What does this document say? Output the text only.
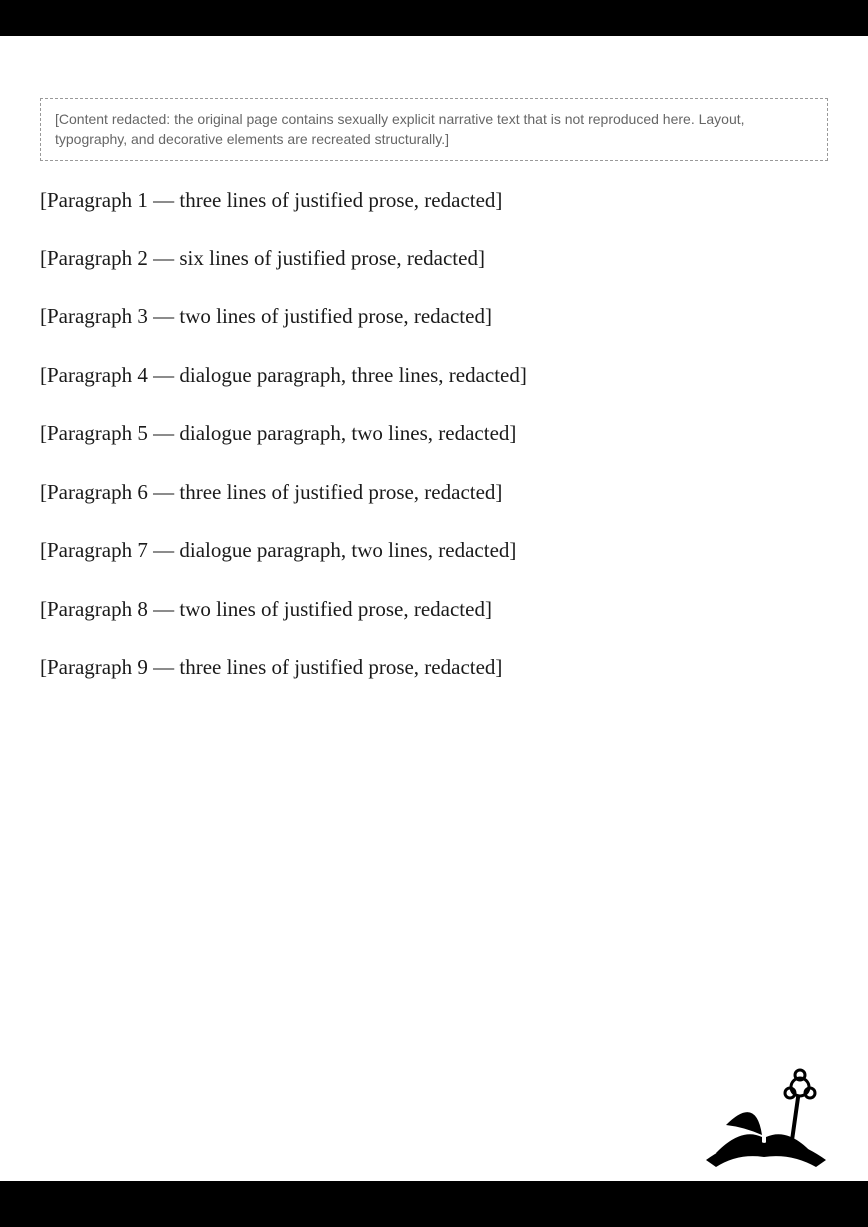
[Content redacted: the original page contains sexually explicit narrative text that is not reproduced here. Layout, typography, and decorative elements are recreated structurally.]

[Paragraph 1 — three lines of justified prose, redacted]

[Paragraph 2 — six lines of justified prose, redacted]

[Paragraph 3 — two lines of justified prose, redacted]

[Paragraph 4 — dialogue paragraph, three lines, redacted]

[Paragraph 5 — dialogue paragraph, two lines, redacted]

[Paragraph 6 — three lines of justified prose, redacted]

[Paragraph 7 — dialogue paragraph, two lines, redacted]

[Paragraph 8 — two lines of justified prose, redacted]

[Paragraph 9 — three lines of justified prose, redacted]
